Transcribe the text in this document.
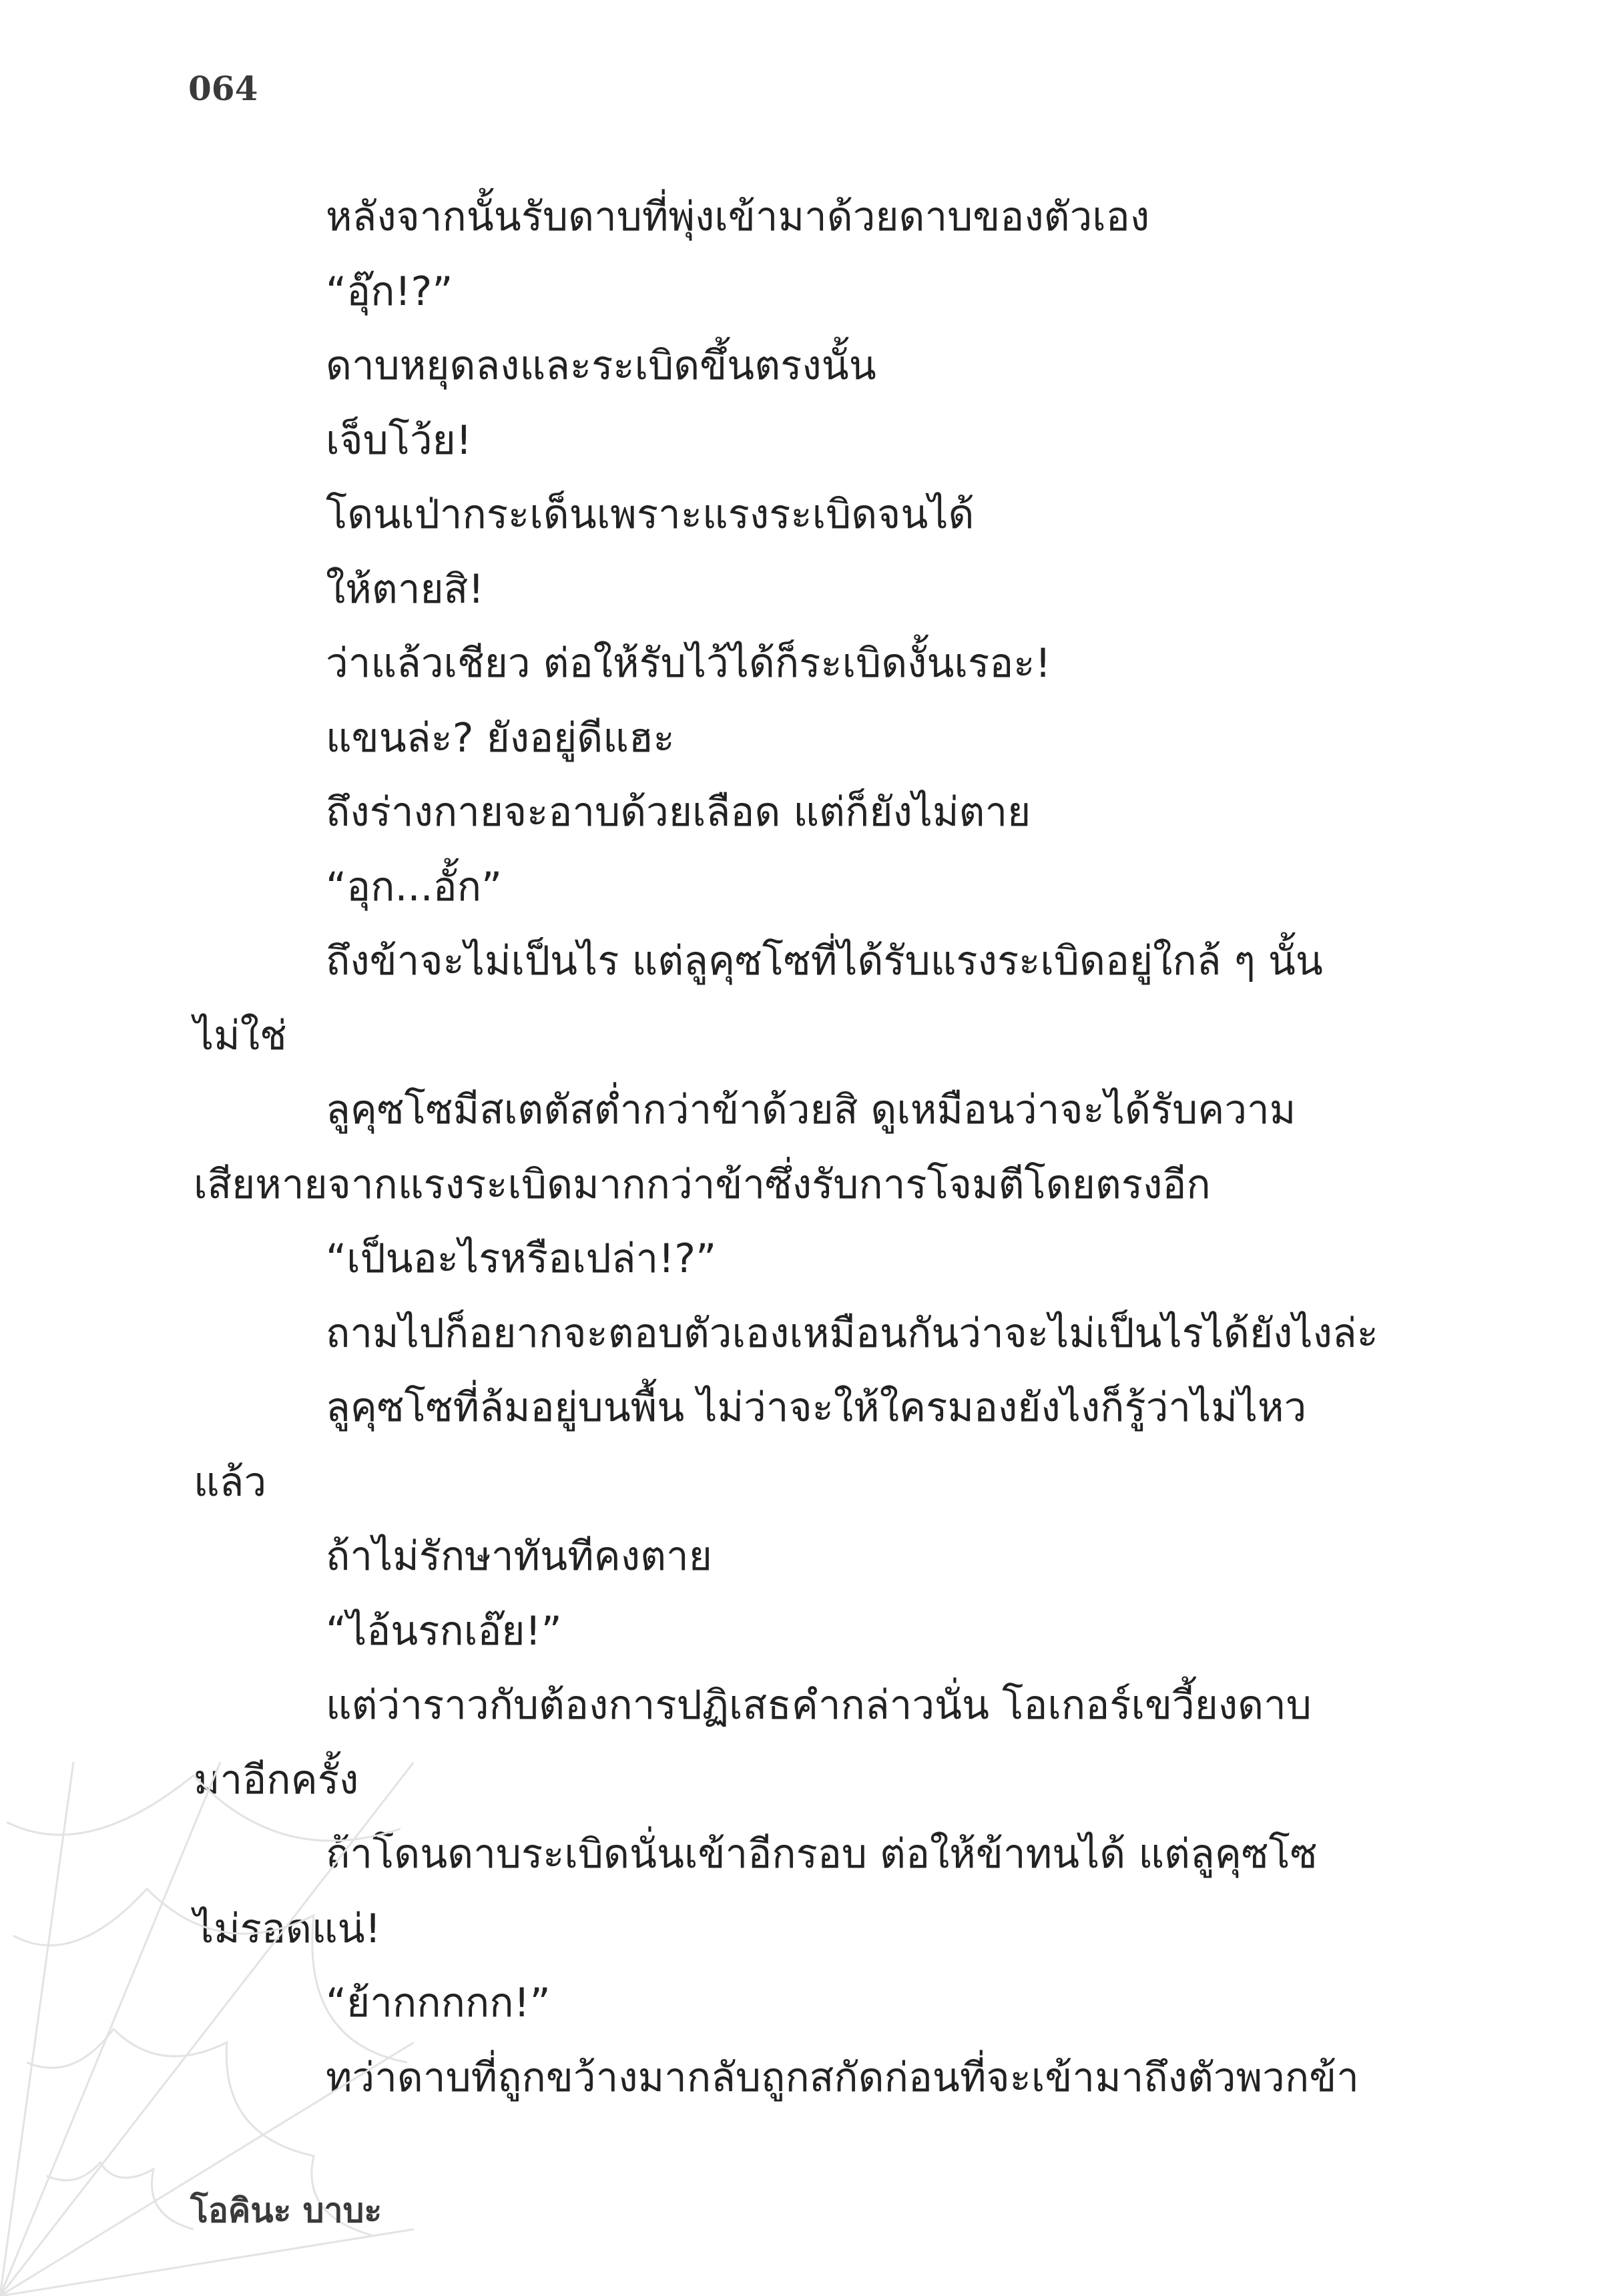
064
หลังจากนั้นรับดาบที่พุ่งเข้ามาด้วยดาบของตัวเอง
“อุ๊ก!?”
ดาบหยุดลงและระเบิดขึ้นตรงนั้น
เจ็บโว้ย!
โดนเป่ากระเด็นเพราะแรงระเบิดจนได้
ให้ตายสิ!
ว่าแล้วเชียว ต่อให้รับไว้ได้ก็ระเบิดงั้นเรอะ!
แขนล่ะ? ยังอยู่ดีแฮะ
ถึงร่างกายจะอาบด้วยเลือด แต่ก็ยังไม่ตาย
“อุก...อั้ก”
ถึงข้าจะไม่เป็นไร แต่ลูคุซโซที่ได้รับแรงระเบิดอยู่ใกล้ ๆ นั้น
ไม่ใช่
ลูคุซโซมีสเตตัสต่ำกว่าข้าด้วยสิ ดูเหมือนว่าจะได้รับความ
เสียหายจากแรงระเบิดมากกว่าข้าซึ่งรับการโจมตีโดยตรงอีก
“เป็นอะไรหรือเปล่า!?”
ถามไปก็อยากจะตอบตัวเองเหมือนกันว่าจะไม่เป็นไรได้ยังไงล่ะ
ลูคุซโซที่ล้มอยู่บนพื้น ไม่ว่าจะให้ใครมองยังไงก็รู้ว่าไม่ไหว
แล้ว
ถ้าไม่รักษาทันทีคงตาย
“ไอ้นรกเอ๊ย!”
แต่ว่าราวกับต้องการปฏิเสธคำกล่าวนั่น โอเกอร์เขวี้ยงดาบ
มาอีกครั้ง
ถ้าโดนดาบระเบิดนั่นเข้าอีกรอบ ต่อให้ข้าทนได้ แต่ลูคุซโซ
ไม่รอดแน่!
“ย้ากกกกก!”
ทว่าดาบที่ถูกขว้างมากลับถูกสกัดก่อนที่จะเข้ามาถึงตัวพวกข้า
โอคินะ บาบะ
